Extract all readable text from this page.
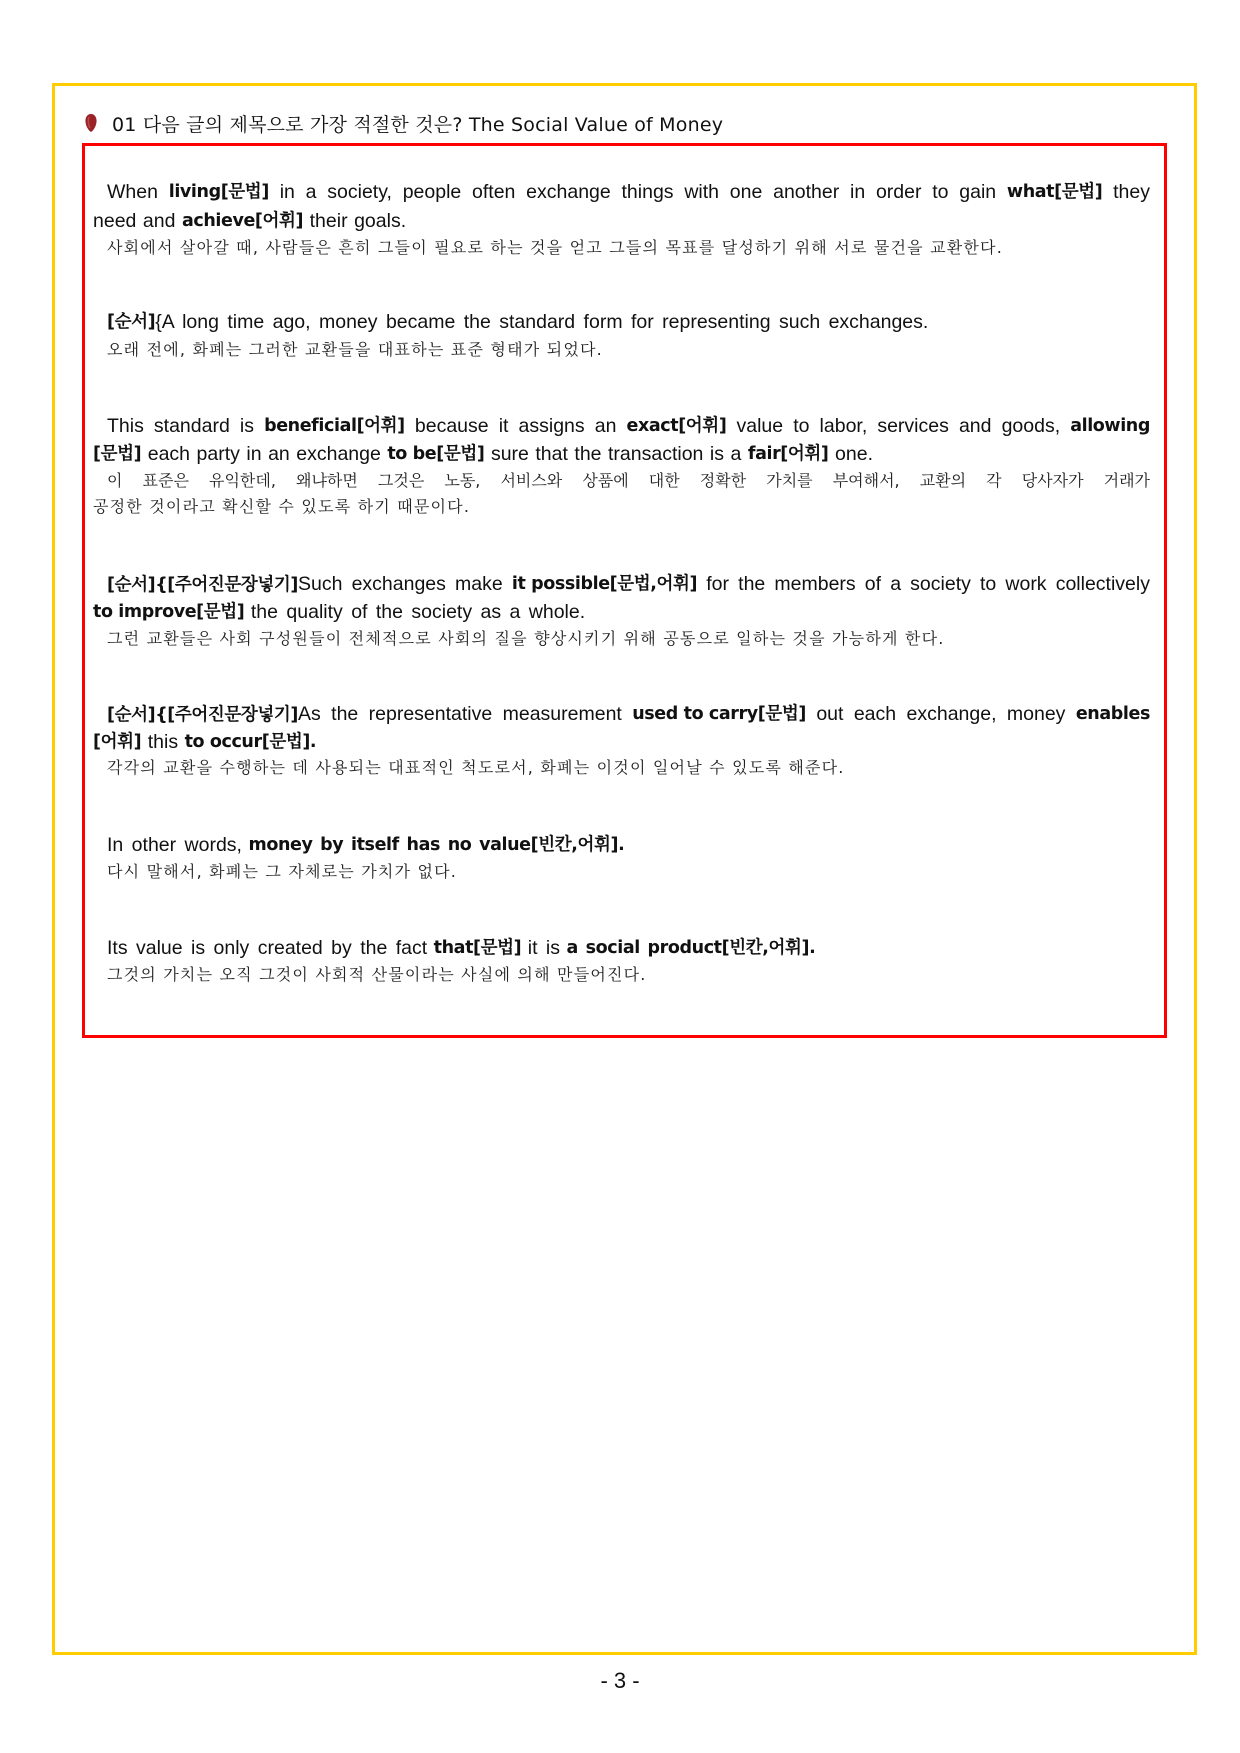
01 다음 글의 제목으로 가장 적절한 것은? The Social Value of Money
When living[문법] in a society, people often exchange things with one another in order to gain what[문법] they
need and achieve[어휘] their goals.
사회에서 살아갈 때, 사람들은 흔히 그들이 필요로 하는 것을 얻고 그들의 목표를 달성하기 위해 서로 물건을 교환한다.
[순서] {A long time ago, money became the standard form for representing such exchanges.
오래 전에, 화폐는 그러한 교환들을 대표하는 표준 형태가 되었다.
This standard is beneficial[어휘] because it assigns an exact[어휘] value to labor, services and goods, allowing
[문법] each party in an exchange to be[문법] sure that the transaction is a fair[어휘] one.
이 표준은 유익한데, 왜냐하면 그것은 노동, 서비스와 상품에 대한 정확한 가치를 부여해서, 교환의 각 당사자가 거래가
공정한 것이라고 확신할 수 있도록 하기 때문이다.
[순서]{[주어진문장넣기]Such exchanges make it possible[문법,어휘] for the members of a society to work collectively
to improve[문법] the quality of the society as a whole.
그런 교환들은 사회 구성원들이 전체적으로 사회의 질을 향상시키기 위해 공동으로 일하는 것을 가능하게 한다.
[순서]{[주어진문장넣기]As the representative measurement used to carry[문법] out each exchange, money enables
[어휘] this to occur[문법].
각각의 교환을 수행하는 데 사용되는 대표적인 척도로서, 화폐는 이것이 일어날 수 있도록 해준다.
In other words, money by itself has no value[빈칸,어휘].
다시 말해서, 화폐는 그 자체로는 가치가 없다.
Its value is only created by the fact that[문법] it is a social product[빈칸,어휘].
그것의 가치는 오직 그것이 사회적 산물이라는 사실에 의해 만들어진다.
- 3 -
